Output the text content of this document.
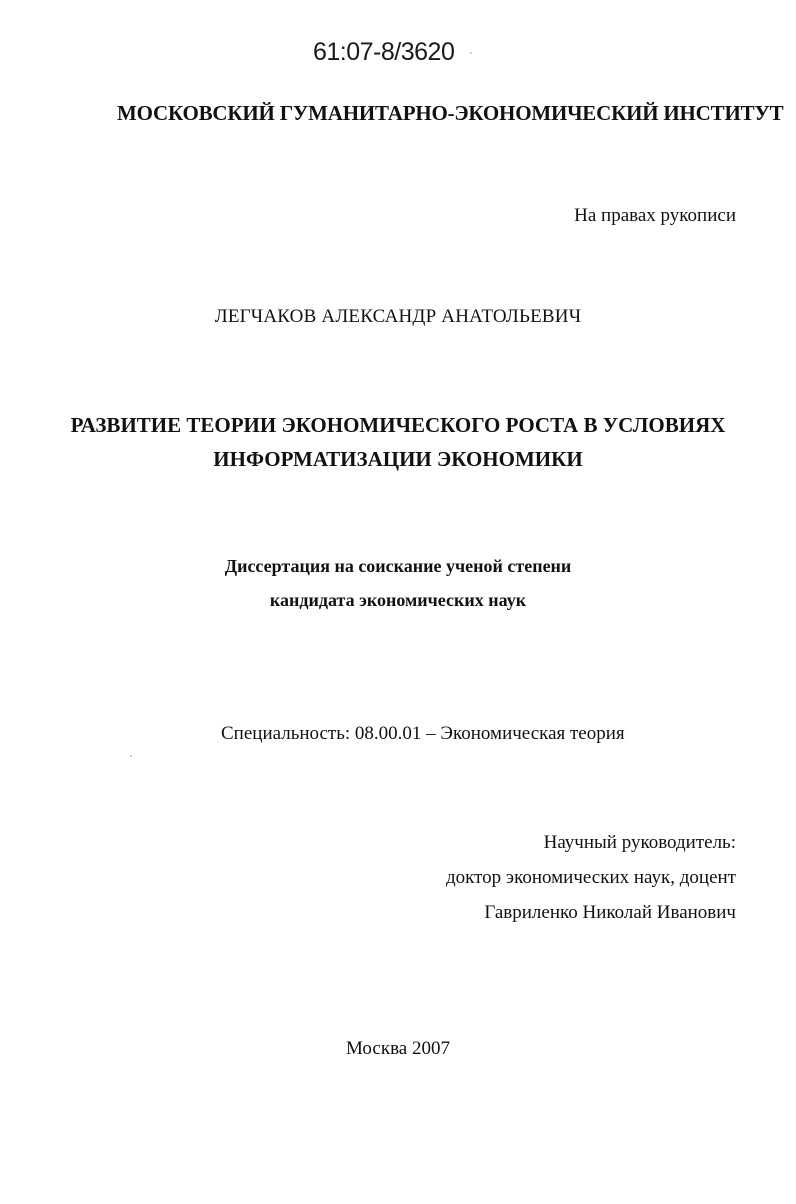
61:07-8/3620
МОСКОВСКИЙ ГУМАНИТАРНО-ЭКОНОМИЧЕСКИЙ ИНСТИТУТ
На правах рукописи
ЛЕГЧАКОВ АЛЕКСАНДР АНАТОЛЬЕВИЧ
РАЗВИТИЕ ТЕОРИИ ЭКОНОМИЧЕСКОГО РОСТА В УСЛОВИЯХ
ИНФОРМАТИЗАЦИИ ЭКОНОМИКИ
Диссертация на соискание ученой степени
кандидата экономических наук
Специальность: 08.00.01 – Экономическая теория
Научный руководитель:
доктор экономических наук, доцент
Гавриленко Николай Иванович
Москва 2007
